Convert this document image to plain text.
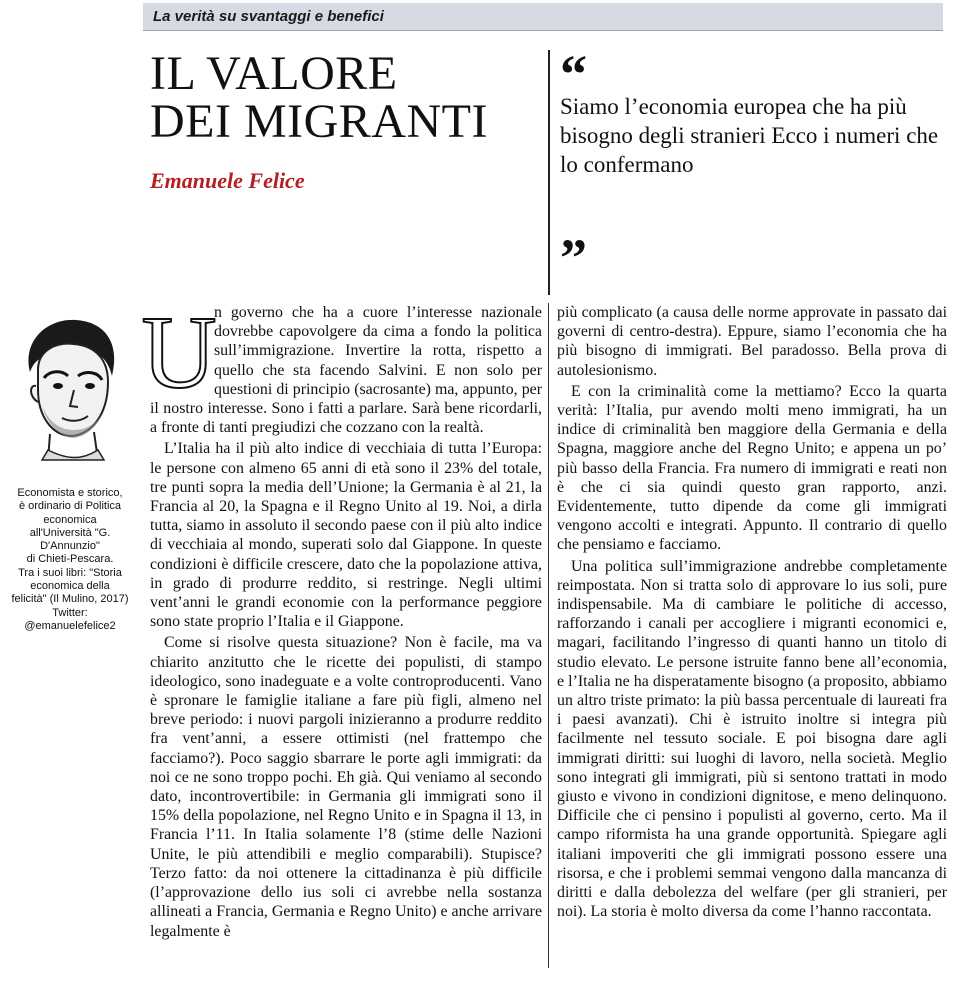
La verità su svantaggi e benefici
IL VALORE
DEI MIGRANTI
Emanuele Felice
“
Siamo l’economia europea che ha più bisogno degli stranieri Ecco i numeri che lo confermano
”
Economista e storico,
è ordinario di Politica
economica
all'Università "G.
D'Annunzio"
di Chieti-Pescara.
Tra i suoi libri: "Storia
economica della
felicità" (Il Mulino, 2017)
Twitter:
@emanuelefelice2

U
n governo che ha a cuore l’interesse nazionale dovrebbe capovolgere da cima a fondo la politica sull’immigrazione. Invertire la rotta, rispetto a quello che sta facendo Salvini. E non solo per questioni di principio (sacrosante) ma, appunto, per il nostro interesse. Sono i fatti a parlare. Sarà bene ricordarli, a fronte di tanti pregiudizi che cozzano con la realtà.

L’Italia ha il più alto indice di vecchiaia di tutta l’Europa: le persone con almeno 65 anni di età sono il 23% del totale, tre punti sopra la media dell’Unione; la Germania è al 21, la Francia al 20, la Spagna e il Regno Unito al 19. Noi, a dirla tutta, siamo in assoluto il secondo paese con il più alto indice di vecchiaia al mondo, superati solo dal Giappone. In queste condizioni è difficile crescere, dato che la popolazione attiva, in grado di produrre reddito, si restringe. Negli ultimi vent’anni le grandi economie con la performance peggiore sono state proprio l’Italia e il Giappone.

Come si risolve questa situazione? Non è facile, ma va chiarito anzitutto che le ricette dei populisti, di stampo ideologico, sono inadeguate e a volte controproducenti. Vano è spronare le famiglie italiane a fare più figli, almeno nel breve periodo: i nuovi pargoli inizieranno a produrre reddito fra vent’anni, a essere ottimisti (nel frattempo che facciamo?). Poco saggio sbarrare le porte agli immigrati: da noi ce ne sono troppo pochi. Eh già. Qui veniamo al secondo dato, incontrovertibile: in Germania gli immigrati sono il 15% della popolazione, nel Regno Unito e in Spagna il 13, in Francia l’11. In Italia solamente l’8 (stime delle Nazioni Unite, le più attendibili e meglio comparabili). Stupisce? Terzo fatto: da noi ottenere la cittadinanza è più difficile (l’approvazione dello ius soli ci avrebbe nella sostanza allineati a Francia, Germania e Regno Unito) e anche arrivare legalmente è

più complicato (a causa delle norme approvate in passato dai governi di centro-destra). Eppure, siamo l’economia che ha più bisogno di immigrati. Bel paradosso. Bella prova di autolesionismo.

E con la criminalità come la mettiamo? Ecco la quarta verità: l’Italia, pur avendo molti meno immigrati, ha un indice di criminalità ben maggiore della Germania e della Spagna, maggiore anche del Regno Unito; e appena un po’ più basso della Francia. Fra numero di immigrati e reati non è che ci sia quindi questo gran rapporto, anzi. Evidentemente, tutto dipende da come gli immigrati vengono accolti e integrati. Appunto. Il contrario di quello che pensiamo e facciamo.

Una politica sull’immigrazione andrebbe completamente reimpostata. Non si tratta solo di approvare lo ius soli, pure indispensabile. Ma di cambiare le politiche di accesso, rafforzando i canali per accogliere i migranti economici e, magari, facilitando l’ingresso di quanti hanno un titolo di studio elevato. Le persone istruite fanno bene all’economia, e l’Italia ne ha disperatamente bisogno (a proposito, abbiamo un altro triste primato: la più bassa percentuale di laureati fra i paesi avanzati). Chi è istruito inoltre si integra più facilmente nel tessuto sociale. E poi bisogna dare agli immigrati diritti: sui luoghi di lavoro, nella società. Meglio sono integrati gli immigrati, più si sentono trattati in modo giusto e vivono in condizioni dignitose, e meno delinquono. Difficile che ci pensino i populisti al governo, certo. Ma il campo riformista ha una grande opportunità. Spiegare agli italiani impoveriti che gli immigrati possono essere una risorsa, e che i problemi semmai vengono dalla mancanza di diritti e dalla debolezza del welfare (per gli stranieri, per noi). La storia è molto diversa da come l’hanno raccontata.
